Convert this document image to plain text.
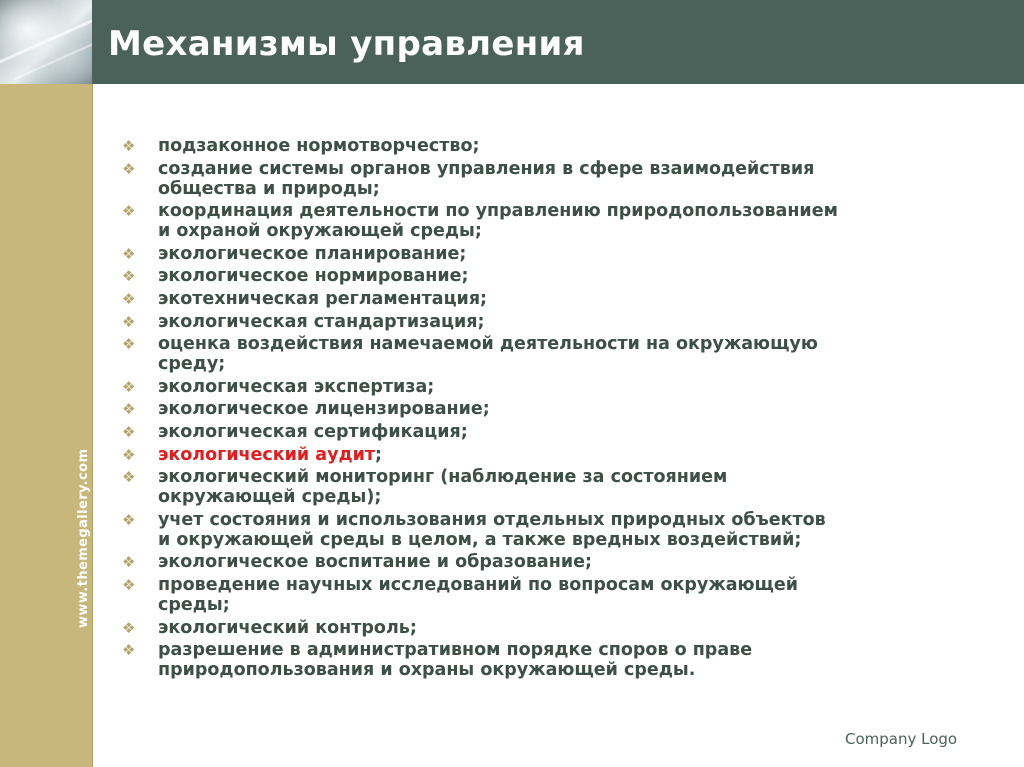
Механизмы управления
www.themegallery.com
❖ подзаконное нормотворчество;
❖ создание системы органов управления в сфере взаимодействия
общества и природы;
❖ координация деятельности по управлению природопользованием
и охраной окружающей среды;
❖ экологическое планирование;
❖ экологическое нормирование;
❖ экотехническая регламентация;
❖ экологическая стандартизация;
❖ оценка воздействия намечаемой деятельности на окружающую
среду;
❖ экологическая экспертиза;
❖ экологическое лицензирование;
❖ экологическая сертификация;
❖ экологический аудит;
❖ экологический мониторинг (наблюдение за состоянием
окружающей среды);
❖ учет состояния и использования отдельных природных объектов
и окружающей среды в целом, а также вредных воздействий;
❖ экологическое воспитание и образование;
❖ проведение научных исследований по вопросам окружающей
среды;
❖ экологический контроль;
❖ разрешение в административном порядке споров о праве
природопользования и охраны окружающей среды.
Company Logo
